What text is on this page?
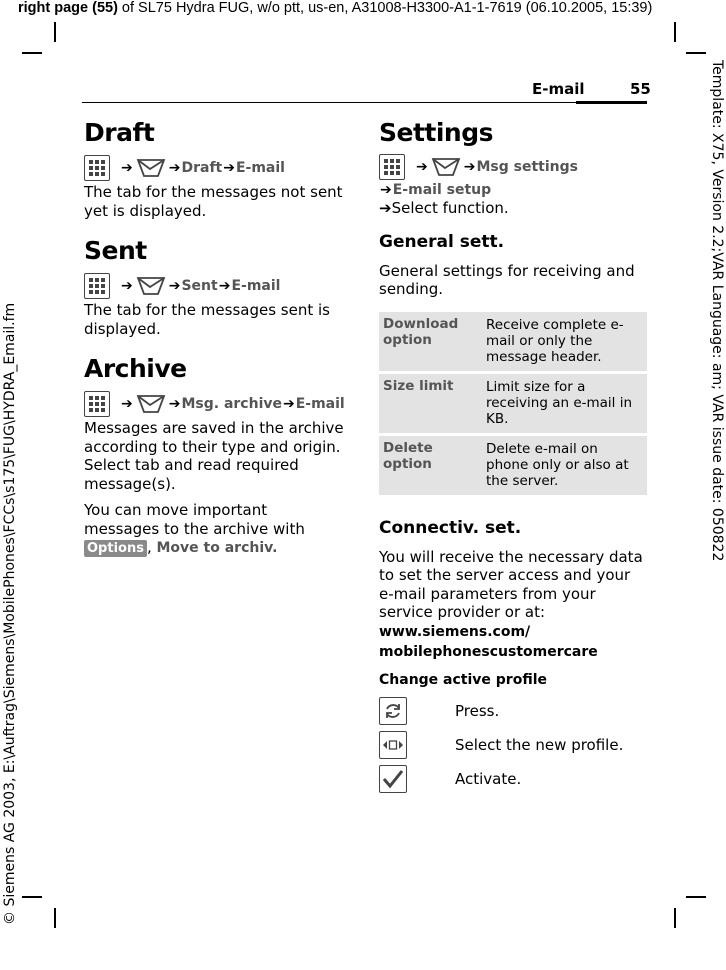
right page (55) of SL75 Hydra FUG, w/o ptt, us-en, A31008-H3300-A1-1-7619 (06.10.2005, 15:39)
Template: X75, Version 2.2;VAR Language: am; VAR issue date: 050822
© Siemens AG 2003, E:\Auftrag\Siemens\MobilePhones\FCCs\s175\FUG\HYDRA_Email.fm
E-mail	55
Draft
➔	➔ Draft ➔ E-mail

The tab for the messages not sent yet is displayed.

Sent
➔	➔ Sent ➔ E-mail

The tab for the messages sent is displayed.

Archive
➔	➔ Msg. archive ➔ E-mail

Messages are saved in the archive according to their type and origin. Select tab and read required message(s).

You can move important messages to the archive with Options , Move to archiv.

Settings
➔	➔ Msg settings
➔ E-mail setup

➔Select function.

General sett.

General settings for receiving and sending.

Download option	Receive complete e-mail or only the message header.
Size limit	Limit size for a receiving an e-mail in KB.
Delete option	Delete e-mail on phone only or also at the server.
Connectiv. set.

You will receive the necessary data to set the server access and your e-mail parameters from your service provider or at:

www.siemens.com/
mobilephonescustomercare
Change active profile
Press.
Select the new profile.
Activate.
